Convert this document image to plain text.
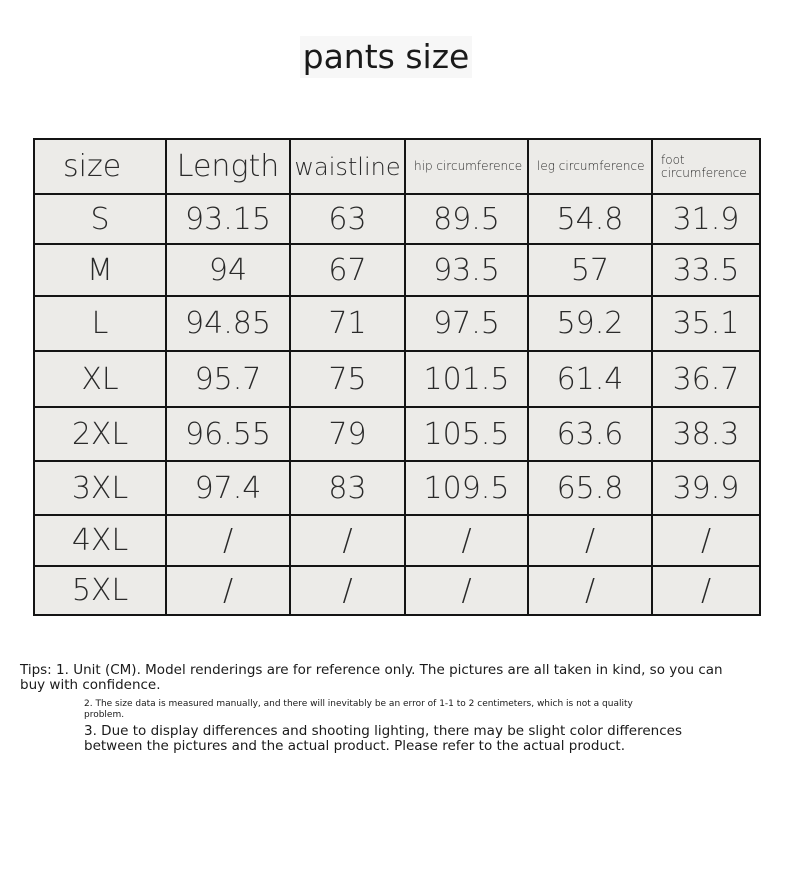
pants size
size	Length	waistline	hip circumference	leg circumference	foot circumference
S	93.15	63	89.5	54.8	31.9
M	94	67	93.5	57	33.5
L	94.85	71	97.5	59.2	35.1
XL	95.7	75	101.5	61.4	36.7
2XL	96.55	79	105.5	63.6	38.3
3XL	97.4	83	109.5	65.8	39.9
4XL	/	/	/	/	/
5XL	/	/	/	/	/

Tips: 1. Unit (CM). Model renderings are for reference only. The pictures are all taken in kind, so you can buy with confidence.

2. The size data is measured manually, and there will inevitably be an error of 1-1 to 2 centimeters, which is not a quality problem.

3. Due to display differences and shooting lighting, there may be slight color differences between the pictures and the actual product. Please refer to the actual product.
